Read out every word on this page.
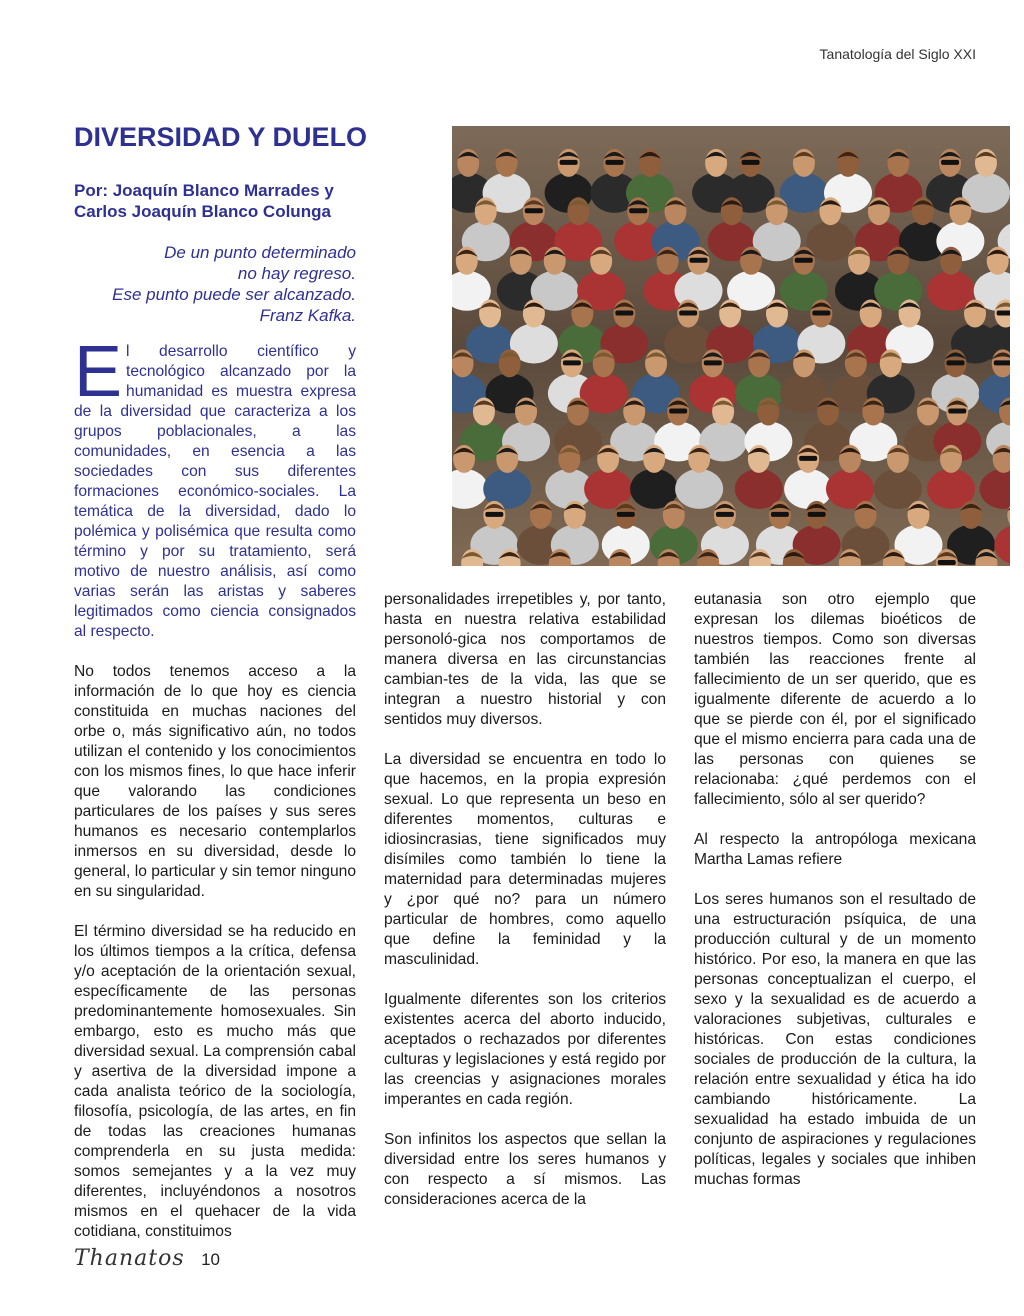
Tanatología del Siglo XXI
DIVERSIDAD Y DUELO
Por: Joaquín Blanco Marrades y
Carlos Joaquín Blanco Colunga
De un punto determinado
no hay regreso.
Ese punto puede ser alcanzado.
Franz Kafka.

El desarrollo científico y tecnológico alcanzado por la humanidad es muestra expresa de la diversidad que caracteriza a los grupos poblacionales, a las comunidades, en esencia a las sociedades con sus diferentes formaciones económico-sociales. La temática de la diversidad, dado lo polémica y polisémica que resulta como término y por su tratamiento, será motivo de nuestro análisis, así como varias serán las aristas y saberes legitimados como ciencia consignados al respecto.

No todos tenemos acceso a la información de lo que hoy es ciencia constituida en muchas naciones del orbe o, más significativo aún, no todos utilizan el contenido y los conocimientos con los mismos fines, lo que hace inferir que valorando las condiciones particulares de los países y sus seres humanos es necesario contemplarlos inmersos en su diversidad, desde lo general, lo particular y sin temor ninguno en su singularidad.

El término diversidad se ha reducido en los últimos tiempos a la crítica, defensa y/o aceptación de la orientación sexual, específicamente de las personas predominantemente homosexuales. Sin embargo, esto es mucho más que diversidad sexual. La comprensión cabal y asertiva de la diversidad impone a cada analista teórico de la sociología, filosofía, psicología, de las artes, en fin de todas las creaciones humanas comprenderla en su justa medida: somos semejantes y a la vez muy diferentes, incluyéndonos a nosotros mismos en el quehacer de la vida cotidiana, constituimos

personalidades irrepetibles y, por tanto, hasta en nuestra relativa estabilidad personoló-gica nos comportamos de manera diversa en las circunstancias cambian-tes de la vida, las que se integran a nuestro historial y con sentidos muy diversos.

La diversidad se encuentra en todo lo que hacemos, en la propia expresión sexual. Lo que representa un beso en diferentes momentos, culturas e idiosincrasias, tiene significados muy disímiles como también lo tiene la maternidad para determinadas mujeres y ¿por qué no? para un número particular de hombres, como aquello que define la feminidad y la masculinidad.

Igualmente diferentes son los criterios existentes acerca del aborto inducido, aceptados o rechazados por diferentes culturas y legislaciones y está regido por las creencias y asignaciones morales imperantes en cada región.

Son infinitos los aspectos que sellan la diversidad entre los seres humanos y con respecto a sí mismos. Las consideraciones acerca de la

eutanasia son otro ejemplo que expresan los dilemas bioéticos de nuestros tiempos. Como son diversas también las reacciones frente al fallecimiento de un ser querido, que es igualmente diferente de acuerdo a lo que se pierde con él, por el significado que el mismo encierra para cada una de las personas con quienes se relacionaba: ¿qué perdemos con el fallecimiento, sólo al ser querido?

Al respecto la antropóloga mexicana Martha Lamas refiere

Los seres humanos son el resultado de una estructuración psíquica, de una producción cultural y de un momento histórico. Por eso, la manera en que las personas conceptualizan el cuerpo, el sexo y la sexualidad es de acuerdo a valoraciones subjetivas, culturales e históricas. Con estas condiciones sociales de producción de la cultura, la relación entre sexualidad y ética ha ido cambiando históricamente. La sexualidad ha estado imbuida de un conjunto de aspiraciones y regulaciones políticas, legales y sociales que inhiben muchas formas

Thanatos 10
